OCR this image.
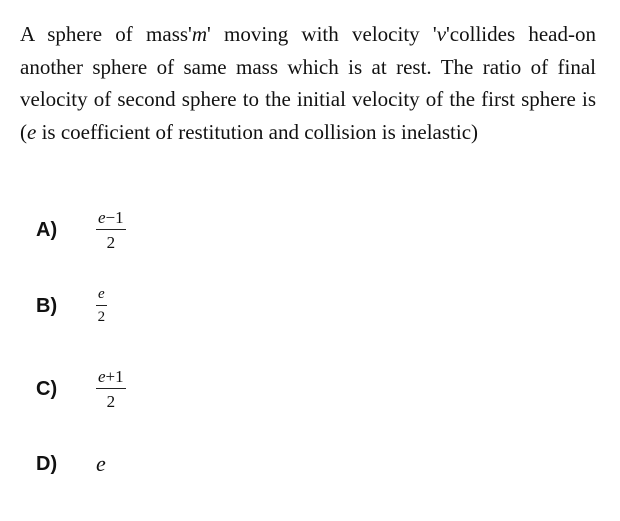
A sphere of mass'm' moving with velocity 'v'collides head-on another sphere of same mass which is at rest. The ratio of final velocity of second sphere to the initial velocity of the first sphere is (e is coefficient of restitution and collision is inelastic)
A)	$\frac{e-1}{2}$
B)	$\frac{e}{2}$
C)	$\frac{e+1}{2}$
D)	e
